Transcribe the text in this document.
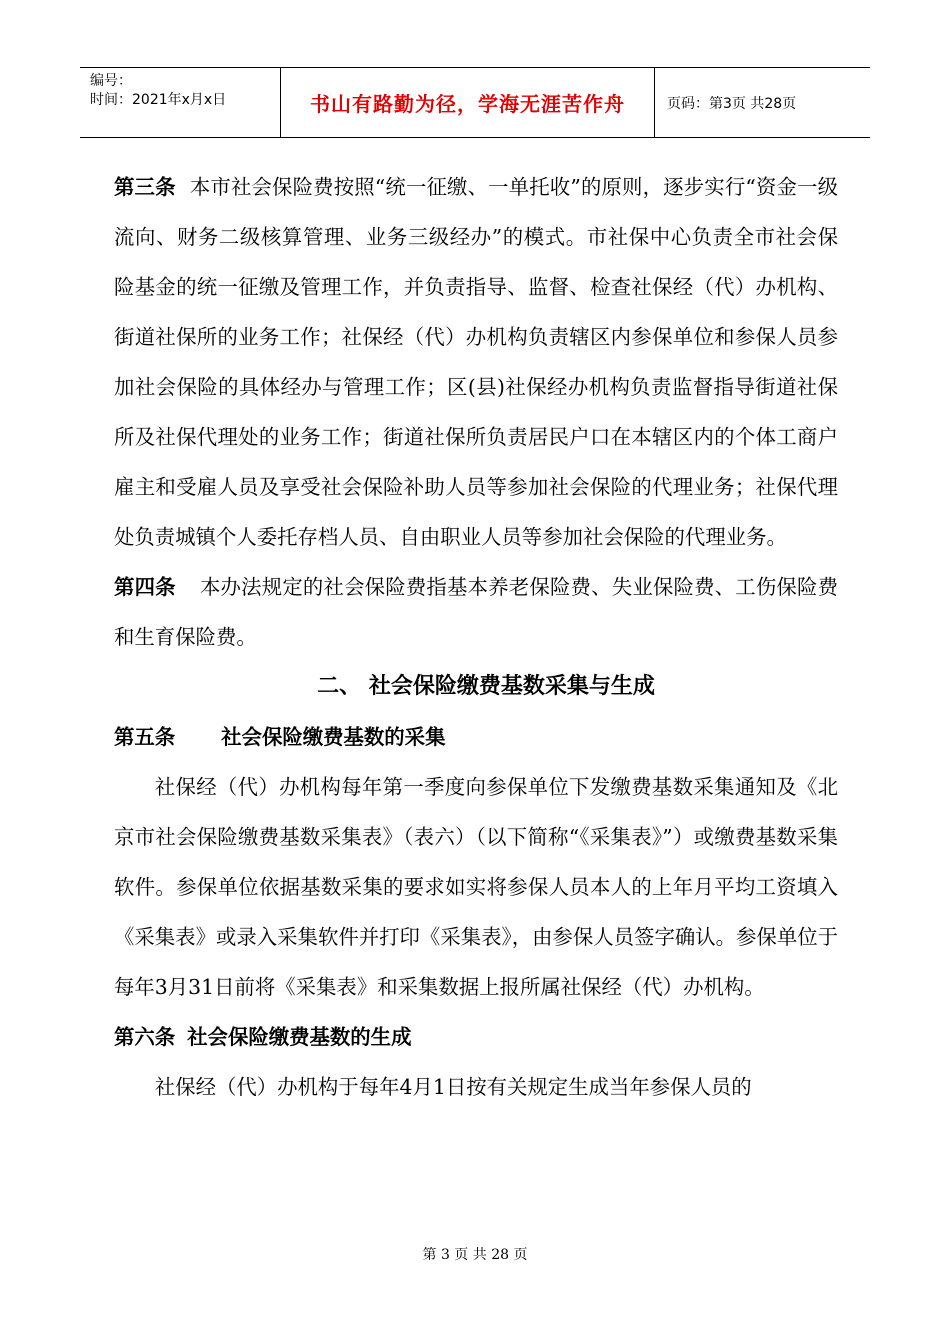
编号：
时间：2021年x月x日	书山有路勤为径，学海无涯苦作舟	页码：第3页 共28页

第三条 本市社会保险费按照“统一征缴、一单托收”的原则，逐步实行“资金一级流向、财务二级核算管理、业务三级经办”的模式。市社保中心负责全市社会保险基金的统一征缴及管理工作，并负责指导、监督、检查社保经（代）办机构、街道社保所的业务工作；社保经（代）办机构负责辖区内参保单位和参保人员参加社会保险的具体经办与管理工作；区(县)社保经办机构负责监督指导街道社保所及社保代理处的业务工作；街道社保所负责居民户口在本辖区内的个体工商户雇主和受雇人员及享受社会保险补助人员等参加社会保险的代理业务；社保代理处负责城镇个人委托存档人员、自由职业人员等参加社会保险的代理业务。

第四条 本办法规定的社会保险费指基本养老保险费、失业保险费、工伤保险费和生育保险费。

二、 社会保险缴费基数采集与生成

第五条 社会保险缴费基数的采集

社保经（代）办机构每年第一季度向参保单位下发缴费基数采集通知及《北京市社会保险缴费基数采集表》（表六）（以下简称“《采集表》”）或缴费基数采集软件。参保单位依据基数采集的要求如实将参保人员本人的上年月平均工资填入《采集表》或录入采集软件并打印《采集表》，由参保人员签字确认。参保单位于每年3月31日前将《采集表》和采集数据上报所属社保经（代）办机构。

第六条 社会保险缴费基数的生成

社保经（代）办机构于每年4月1日按有关规定生成当年参保人员的

第 3 页 共 28 页
